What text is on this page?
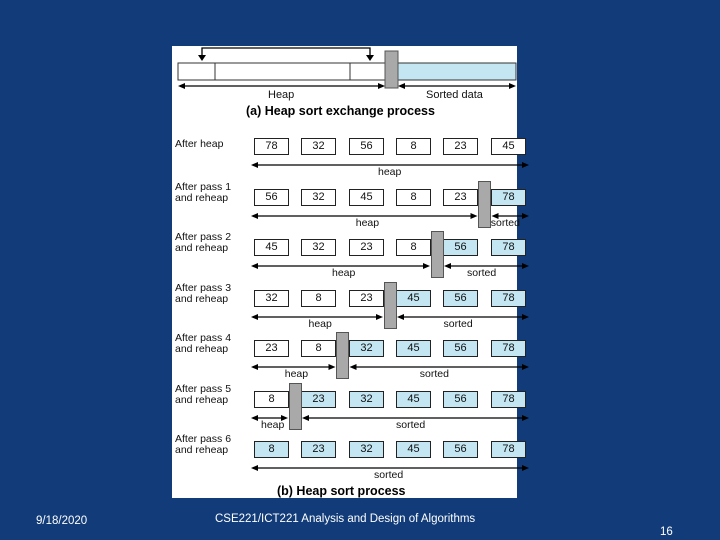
Heap	Sorted data
(a) Heap sort exchange process
After heap	78	32	56	8	23	45
heap
After pass 1
and reheap	56	32	45	8	23	78
heap	sorted
After pass 2
and reheap	45	32	23	8	56	78
heap	sorted
After pass 3
and reheap	32	8	23	45	56	78
heap	sorted
After pass 4
and reheap	23	8	32	45	56	78
heap	sorted
After pass 5
and reheap	8	23	32	45	56	78
heap	sorted
After pass 6
and reheap	8	23	32	45	56	78
sorted
(b) Heap sort process
9/18/2020	CSE221/ICT221 Analysis and Design of Algorithms
16
